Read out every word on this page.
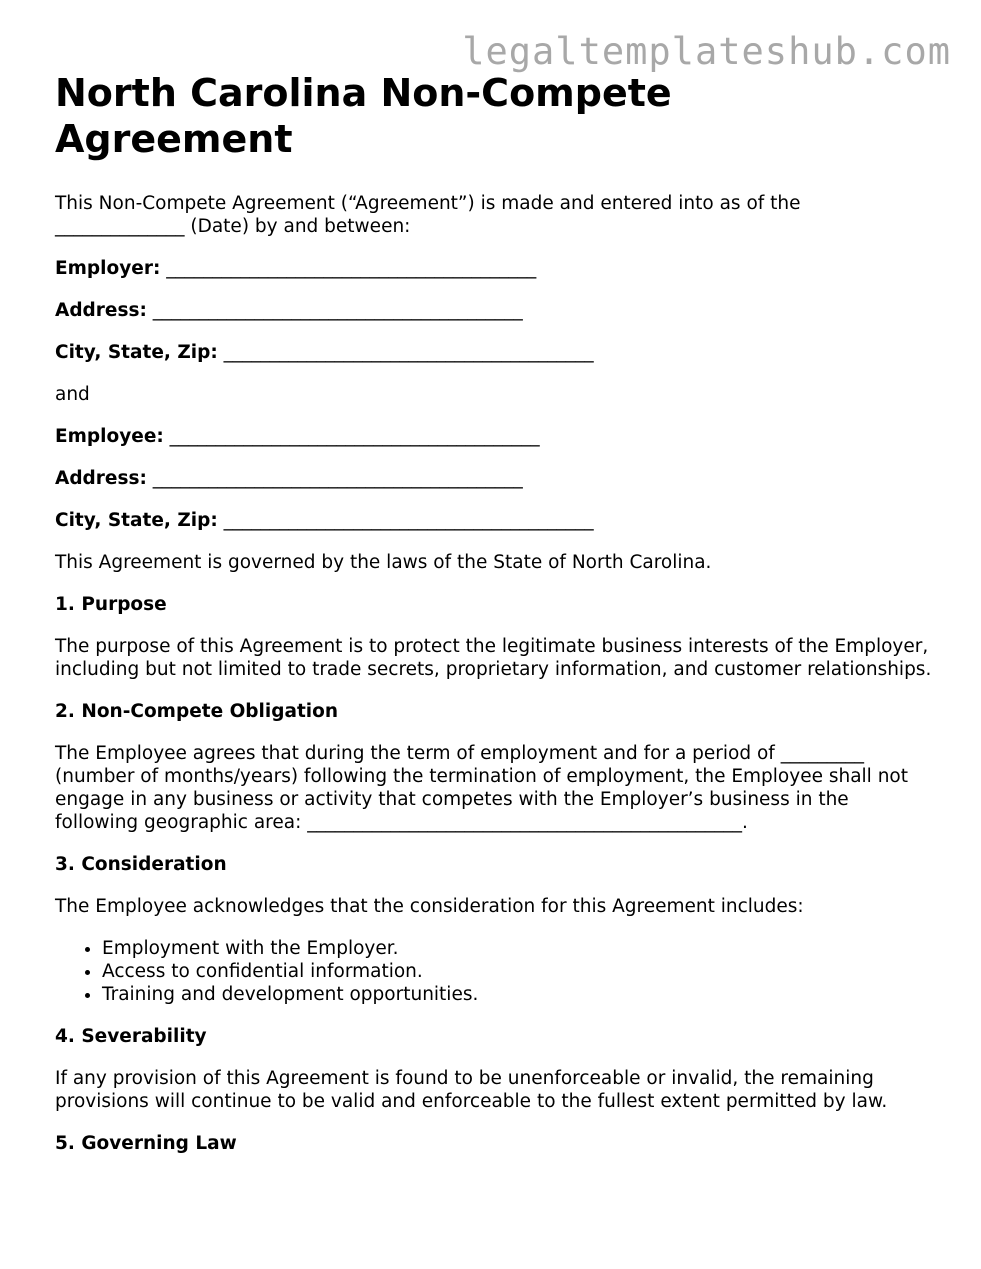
legaltemplateshub.com
North Carolina Non-Compete Agreement

This Non-Compete Agreement (“Agreement”) is made and entered into as of the ______________ (Date) by and between:

Employer: ________________________________________

Address: ________________________________________

City, State, Zip: ________________________________________

and

Employee: ________________________________________

Address: ________________________________________

City, State, Zip: ________________________________________

This Agreement is governed by the laws of the State of North Carolina.

1. Purpose

The purpose of this Agreement is to protect the legitimate business interests of the Employer, including but not limited to trade secrets, proprietary information, and customer relationships.

2. Non-Compete Obligation

The Employee agrees that during the term of employment and for a period of _________ (number of months/years) following the termination of employment, the Employee shall not engage in any business or activity that competes with the Employer’s business in the following geographic area: _______________________________________________.

3. Consideration

The Employee acknowledges that the consideration for this Agreement includes:

• Employment with the Employer.
• Access to confidential information.
• Training and development opportunities.

4. Severability

If any provision of this Agreement is found to be unenforceable or invalid, the remaining provisions will continue to be valid and enforceable to the fullest extent permitted by law.

5. Governing Law
